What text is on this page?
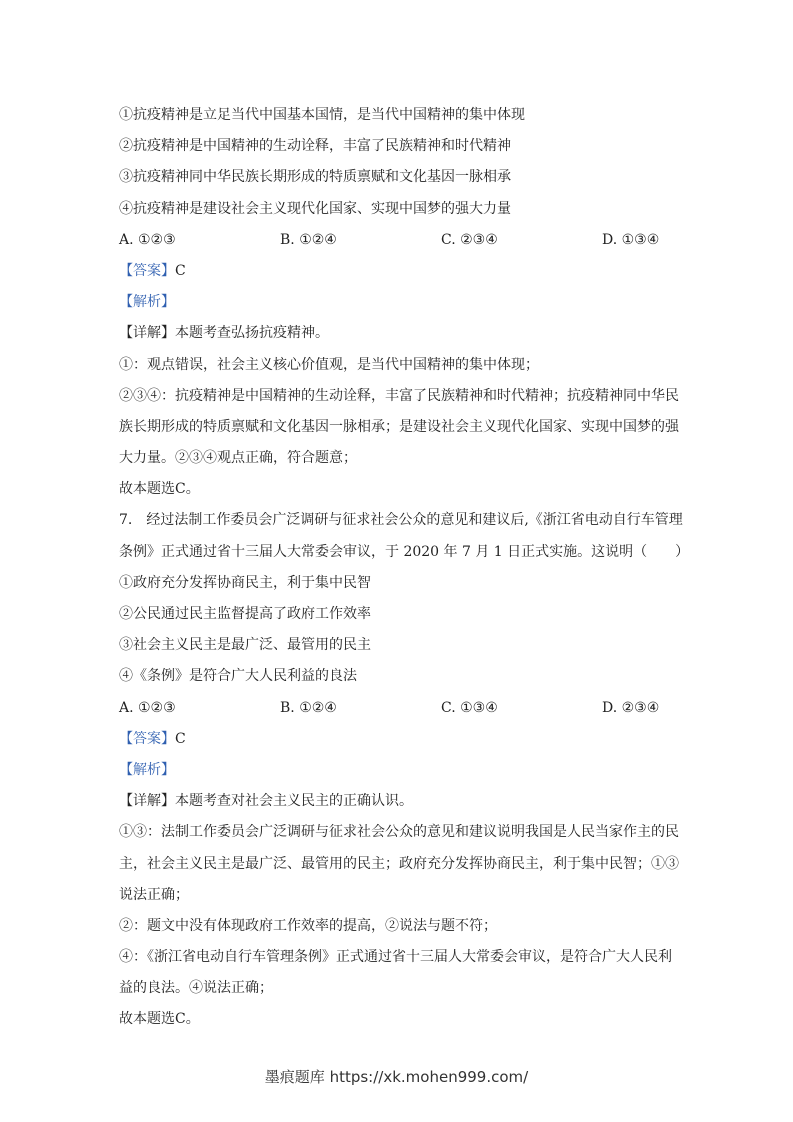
①抗疫精神是立足当代中国基本国情，是当代中国精神的集中体现
②抗疫精神是中国精神的生动诠释，丰富了民族精神和时代精神
③抗疫精神同中华民族长期形成的特质禀赋和文化基因一脉相承
④抗疫精神是建设社会主义现代化国家、实现中国梦的强大力量
A. ①②③	B. ①②④	C. ②③④	D. ①③④
【答案】C
【解析】
【详解】本题考查弘扬抗疫精神。
①：观点错误，社会主义核心价值观，是当代中国精神的集中体现；
②③④：抗疫精神是中国精神的生动诠释，丰富了民族精神和时代精神；抗疫精神同中华民
族长期形成的特质禀赋和文化基因一脉相承；是建设社会主义现代化国家、实现中国梦的强
大力量。②③④观点正确，符合题意；
故本题选C。
7.　经过法制工作委员会广泛调研与征求社会公众的意见和建议后,《浙江省电动自行车管理
条例》正式通过省十三届人大常委会审议，于 2020 年 7 月 1 日正式实施。这说明（　　）
①政府充分发挥协商民主，利于集中民智
②公民通过民主监督提高了政府工作效率
③社会主义民主是最广泛、最管用的民主
④《条例》是符合广大人民利益的良法
A. ①②③	B. ①②④	C. ①③④	D. ②③④
【答案】C
【解析】
【详解】本题考查对社会主义民主的正确认识。
①③：法制工作委员会广泛调研与征求社会公众的意见和建议说明我国是人民当家作主的民
主，社会主义民主是最广泛、最管用的民主；政府充分发挥协商民主，利于集中民智；①③
说法正确；
②：题文中没有体现政府工作效率的提高，②说法与题不符；
④：《浙江省电动自行车管理条例》正式通过省十三届人大常委会审议，是符合广大人民利
益的良法。④说法正确；
故本题选C。
墨痕题库 https://xk.mohen999.com/
